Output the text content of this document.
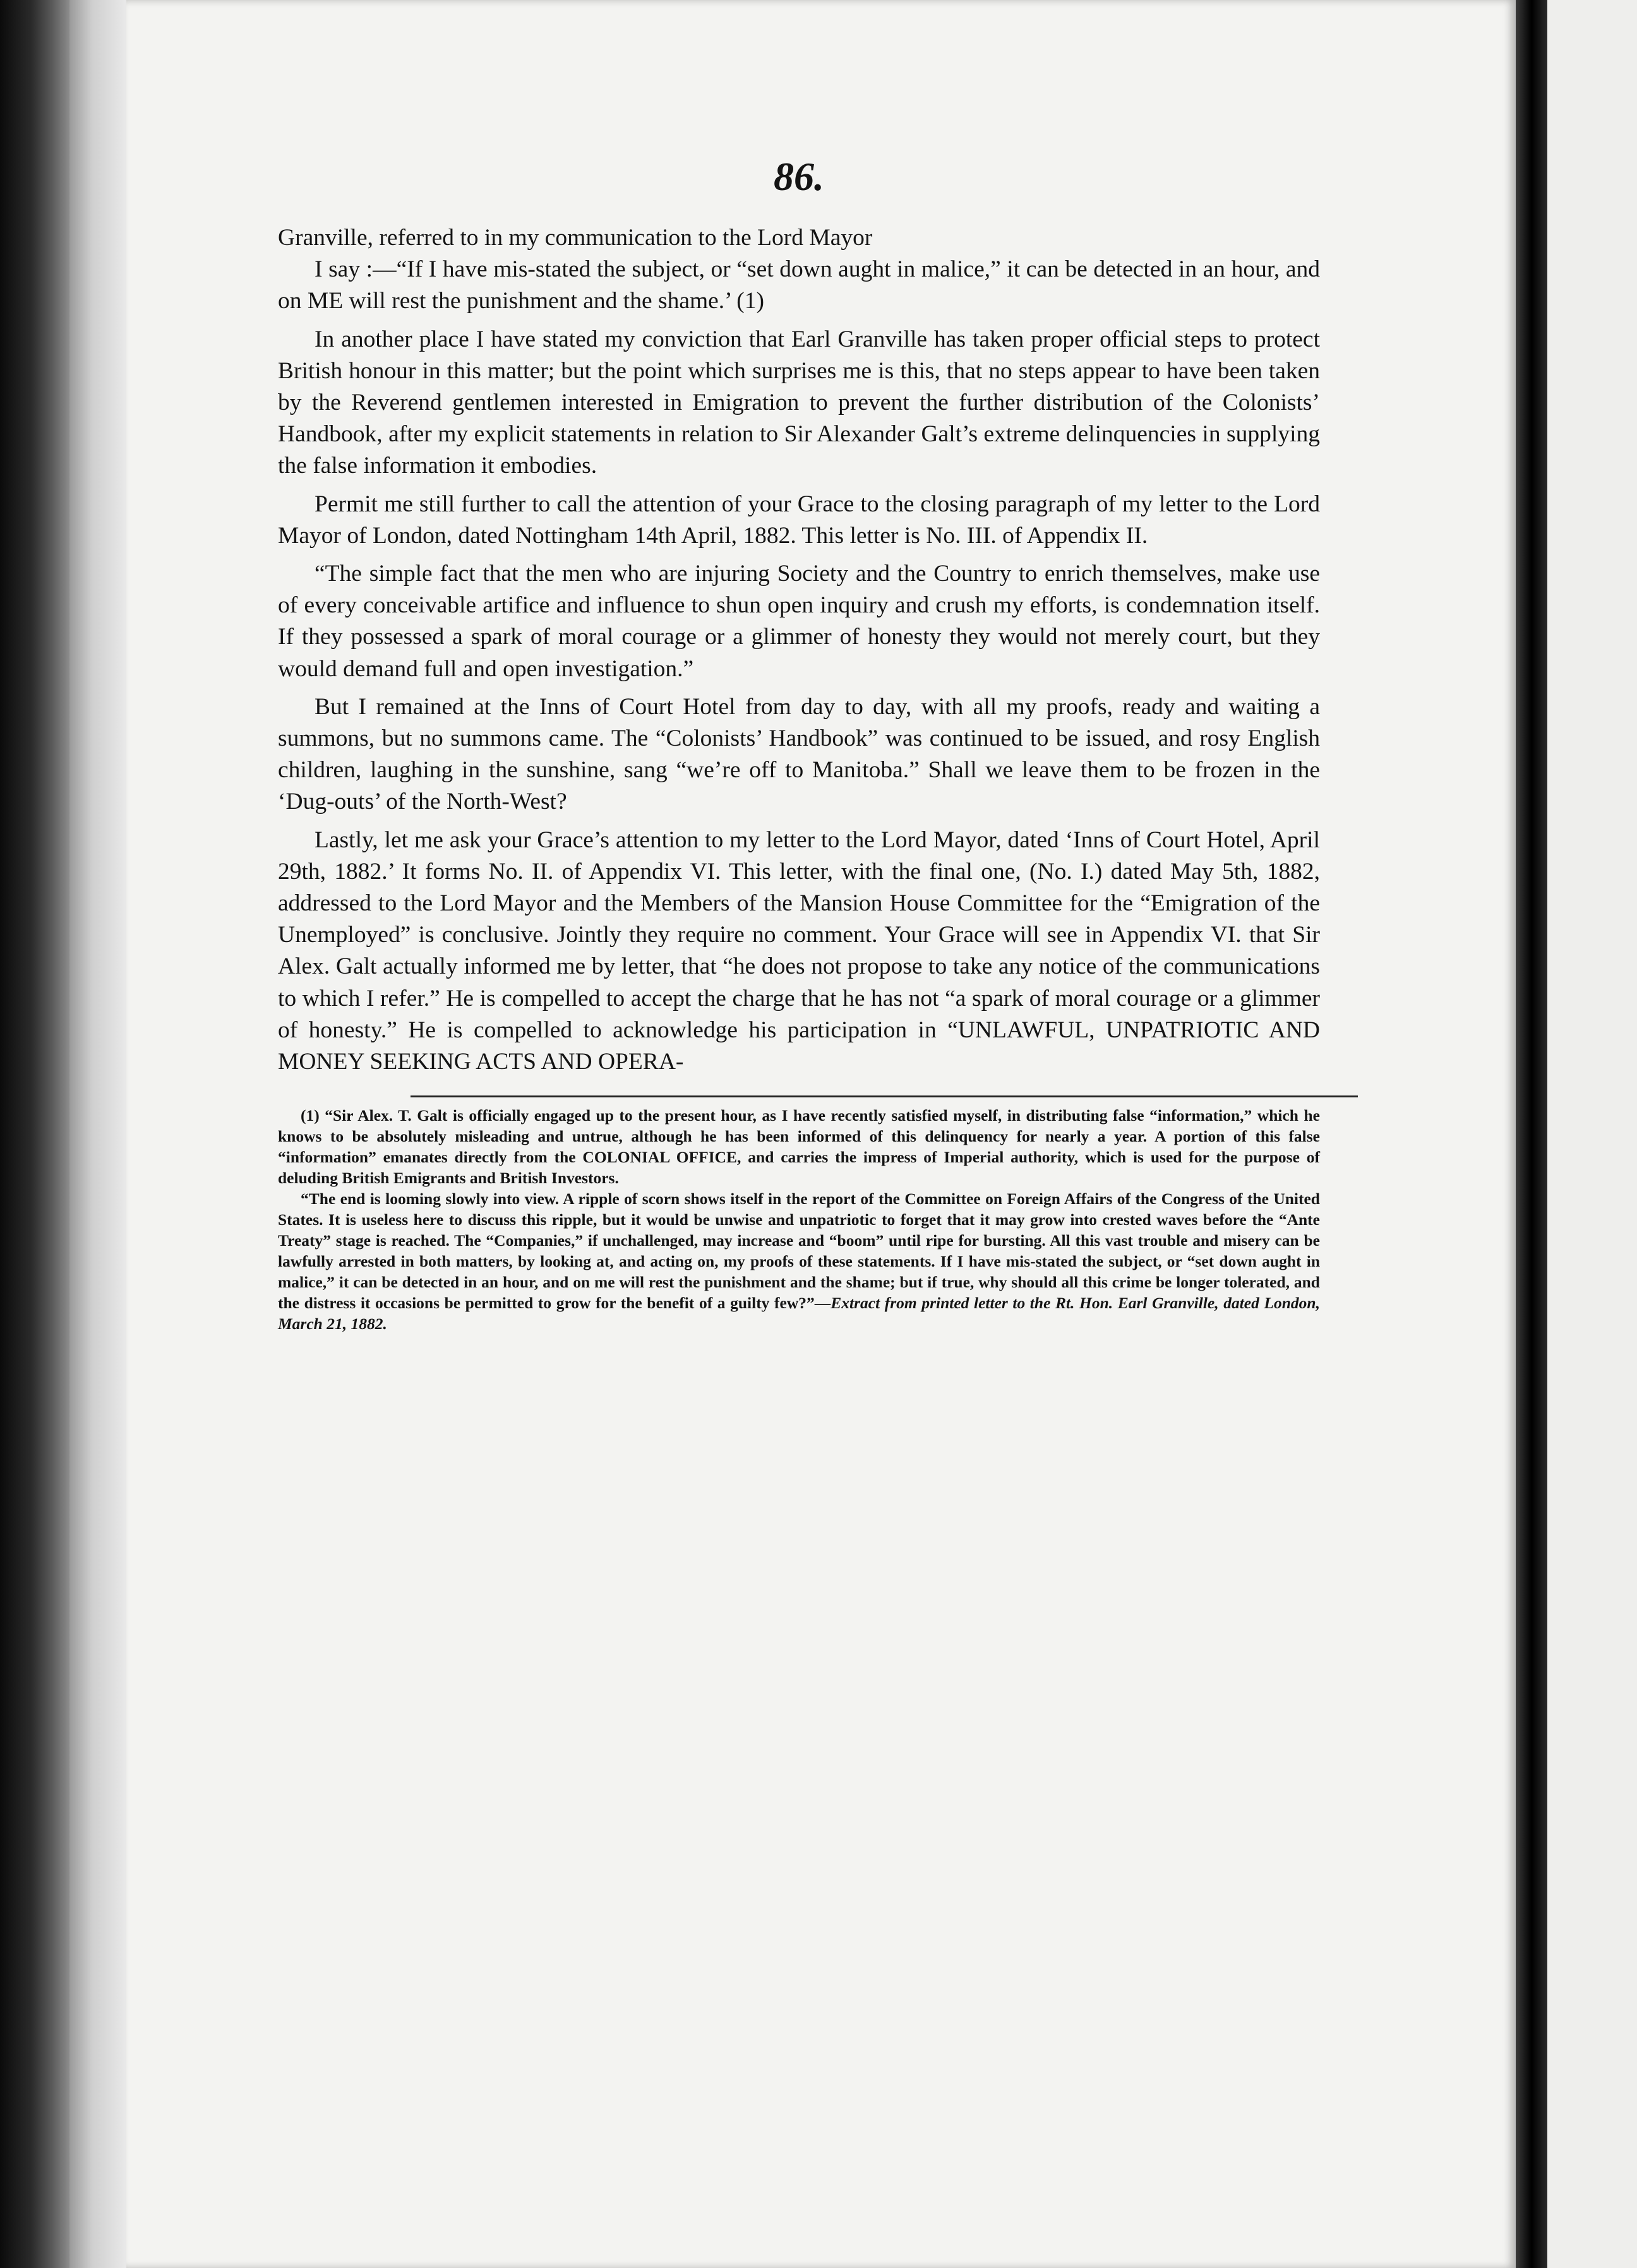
86.

Granville, referred to in my communication to the Lord Mayor

I say :—“If I have mis-stated the subject, or “set down aught in malice,” it can be detected in an hour, and on ME will rest the punishment and the shame.’ (1)

In another place I have stated my conviction that Earl Granville has taken proper official steps to protect British honour in this matter; but the point which surprises me is this, that no steps appear to have been taken by the Reverend gentlemen interested in Emigration to prevent the further distribution of the Colonists’ Handbook, after my explicit statements in relation to Sir Alexander Galt’s extreme delinquencies in supplying the false information it embodies.

Permit me still further to call the attention of your Grace to the closing paragraph of my letter to the Lord Mayor of London, dated Nottingham 14th April, 1882. This letter is No. III. of Appendix II.

“The simple fact that the men who are injuring Society and the Country to enrich themselves, make use of every conceivable artifice and influence to shun open inquiry and crush my efforts, is condemnation itself. If they possessed a spark of moral courage or a glimmer of honesty they would not merely court, but they would demand full and open investigation.”

But I remained at the Inns of Court Hotel from day to day, with all my proofs, ready and waiting a summons, but no summons came. The “Colonists’ Handbook” was continued to be issued, and rosy English children, laughing in the sunshine, sang “we’re off to Manitoba.” Shall we leave them to be frozen in the ‘Dug-outs’ of the North-West?

Lastly, let me ask your Grace’s attention to my letter to the Lord Mayor, dated ‘Inns of Court Hotel, April 29th, 1882.’ It forms No. II. of Appendix VI. This letter, with the final one, (No. I.) dated May 5th, 1882, addressed to the Lord Mayor and the Members of the Mansion House Committee for the “Emigration of the Unemployed” is conclusive. Jointly they require no comment. Your Grace will see in Appendix VI. that Sir Alex. Galt actually informed me by letter, that “he does not propose to take any notice of the communications to which I refer.” He is compelled to accept the charge that he has not “a spark of moral courage or a glimmer of honesty.” He is compelled to acknowledge his participation in “UNLAWFUL, UNPATRIOTIC AND MONEY SEEKING ACTS AND OPERA-

(1) “Sir Alex. T. Galt is officially engaged up to the present hour, as I have recently satisfied myself, in distributing false “information,” which he knows to be absolutely misleading and untrue, although he has been informed of this delinquency for nearly a year. A portion of this false “information” emanates directly from the COLONIAL OFFICE, and carries the impress of Imperial authority, which is used for the purpose of deluding British Emigrants and British Investors.

“The end is looming slowly into view. A ripple of scorn shows itself in the report of the Committee on Foreign Affairs of the Congress of the United States. It is useless here to discuss this ripple, but it would be unwise and unpatriotic to forget that it may grow into crested waves before the “Ante Treaty” stage is reached. The “Companies,” if unchallenged, may increase and “boom” until ripe for bursting. All this vast trouble and misery can be lawfully arrested in both matters, by looking at, and acting on, my proofs of these statements. If I have mis-stated the subject, or “set down aught in malice,” it can be detected in an hour, and on me will rest the punishment and the shame; but if true, why should all this crime be longer tolerated, and the distress it occasions be permitted to grow for the benefit of a guilty few?”—Extract from printed letter to the Rt. Hon. Earl Granville, dated London, March 21, 1882.
